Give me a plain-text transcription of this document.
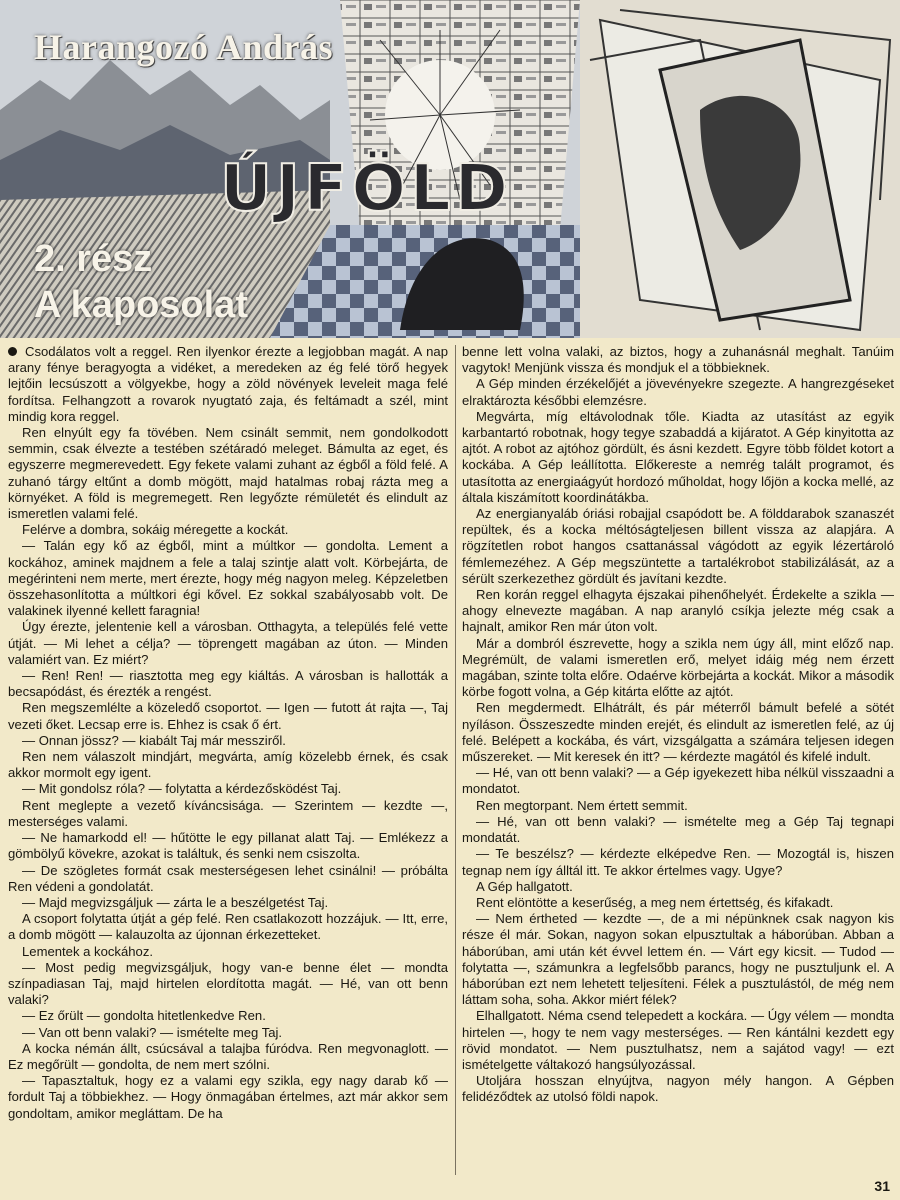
ÚJFÖLD
Harangozó András
2. rész
A kaposolat

Csodálatos volt a reggel. Ren ilyenkor érezte a legjobban magát. A nap arany fénye beragyogta a vidéket, a meredeken az ég felé törő hegyek lejtőin lecsúszott a völgyekbe, hogy a zöld növények leveleit maga felé fordítsa. Felhangzott a rovarok nyugtató zaja, és feltámadt a szél, mint mindig kora reggel.

Ren elnyúlt egy fa tövében. Nem csinált semmit, nem gondolkodott semmin, csak élvezte a testében szétáradó meleget. Bámulta az eget, és egyszerre megmerevedett. Egy fekete valami zuhant az égből a föld felé. A zuhanó tárgy eltűnt a domb mögött, majd hatalmas robaj rázta meg a környéket. A föld is megremegett. Ren legyőzte rémületét és elindult az ismeretlen valami felé.

Felérve a dombra, sokáig méregette a kockát.

— Talán egy kő az égből, mint a múltkor — gondolta. Lement a kockához, aminek majdnem a fele a talaj szintje alatt volt. Körbejárta, de megérinteni nem merte, mert érezte, hogy még nagyon meleg. Képzeletben összehasonlította a múltkori égi kővel. Ez sokkal szabályosabb volt. De valakinek ilyenné kellett faragnia!

Úgy érezte, jelentenie kell a városban. Otthagyta, a település felé vette útját. — Mi lehet a célja? — töprengett magában az úton. — Minden valamiért van. Ez miért?

— Ren! Ren! — riasztotta meg egy kiáltás. A városban is hallották a becsapódást, és érezték a rengést.

Ren megszemlélte a közeledő csoportot. — Igen — futott át rajta —, Taj vezeti őket. Lecsap erre is. Ehhez is csak ő ért.

— Onnan jössz? — kiabált Taj már messziről.

Ren nem válaszolt mindjárt, megvárta, amíg közelebb érnek, és csak akkor mormolt egy igent.

— Mit gondolsz róla? — folytatta a kérdezősködést Taj.

Rent meglepte a vezető kíváncsisága. — Szerintem — kezdte —, mesterséges valami.

— Ne hamarkodd el! — hűtötte le egy pillanat alatt Taj. — Emlékezz a gömbölyű kövekre, azokat is találtuk, és senki nem csiszolta.

— De szögletes formát csak mesterségesen lehet csinálni! — próbálta Ren védeni a gondolatát.

— Majd megvizsgáljuk — zárta le a beszélgetést Taj.

A csoport folytatta útját a gép felé. Ren csatlakozott hozzájuk. — Itt, erre, a domb mögött — kalauzolta az újonnan érkezetteket.

Lementek a kockához.

— Most pedig megvizsgáljuk, hogy van-e benne élet — mondta színpadiasan Taj, majd hirtelen elordította magát. — Hé, van ott benn valaki?

— Ez őrült — gondolta hitetlenkedve Ren.

— Van ott benn valaki? — ismételte meg Taj.

A kocka némán állt, csúcsával a talajba fúródva. Ren megvonaglott. — Ez megőrült — gondolta, de nem mert szólni.

— Tapasztaltuk, hogy ez a valami egy szikla, egy nagy darab kő — fordult Taj a többiekhez. — Hogy önmagában értelmes, azt már akkor sem gondoltam, amikor megláttam. De ha

benne lett volna valaki, az biztos, hogy a zuhanásnál meghalt. Tanúim vagytok! Menjünk vissza és mondjuk el a többieknek.

A Gép minden érzékelőjét a jövevényekre szegezte. A hangrezgéseket elraktározta későbbi elemzésre.

Megvárta, míg eltávolodnak tőle. Kiadta az utasítást az egyik karbantartó robotnak, hogy tegye szabaddá a kijáratot. A Gép kinyitotta az ajtót. A robot az ajtóhoz gördült, és ásni kezdett. Egyre több földet kotort a kockába. A Gép leállította. Előkereste a nemrég talált programot, és utasította az energiaágyút hordozó műholdat, hogy lőjön a kocka mellé, az általa kiszámított koordinátákba.

Az energianyaláb óriási robajjal csapódott be. A földdarabok szanaszét repültek, és a kocka méltóságteljesen billent vissza az alapjára. A rögzítetlen robot hangos csattanással vágódott az egyik lézertároló fémlemezéhez. A Gép megszüntette a tartalékrobot stabilizálását, az a sérült szerkezethez gördült és javítani kezdte.

Ren korán reggel elhagyta éjszakai pihenőhelyét. Érdekelte a szikla — ahogy elnevezte magában. A nap aranyló csíkja jelezte még csak a hajnalt, amikor Ren már úton volt.

Már a dombról észrevette, hogy a szikla nem úgy áll, mint előző nap. Megrémült, de valami ismeretlen erő, melyet idáig még nem érzett magában, szinte tolta előre. Odaérve körbejárta a kockát. Mikor a második körbe fogott volna, a Gép kitárta előtte az ajtót.

Ren megdermedt. Elhátrált, és pár méterről bámult befelé a sötét nyíláson. Összeszedte minden erejét, és elindult az ismeretlen felé, az új felé. Belépett a kockába, és várt, vizsgálgatta a számára teljesen idegen műszereket. — Mit keresek én itt? — kérdezte magától és kifelé indult.

— Hé, van ott benn valaki? — a Gép igyekezett hiba nélkül visszaadni a mondatot.

Ren megtorpant. Nem értett semmit.

— Hé, van ott benn valaki? — ismételte meg a Gép Taj tegnapi mondatát.

— Te beszélsz? — kérdezte elképedve Ren. — Mozogtál is, hiszen tegnap nem így álltál itt. Te akkor értelmes vagy. Ugye?

A Gép hallgatott.

Rent elöntötte a keserűség, a meg nem értettség, és kifakadt.

— Nem értheted — kezdte —, de a mi népünknek csak nagyon kis része él már. Sokan, nagyon sokan elpusztultak a háborúban. Abban a háborúban, ami után két évvel lettem én. — Várt egy kicsit. — Tudod — folytatta —, számunkra a legfelsőbb parancs, hogy ne pusztuljunk el. A háborúban ezt nem lehetett teljesíteni. Félek a pusztulástól, de még nem láttam soha, soha. Akkor miért félek?

Elhallgatott. Néma csend telepedett a kockára. — Úgy vélem — mondta hirtelen —, hogy te nem vagy mesterséges. — Ren kántálni kezdett egy rövid mondatot. — Nem pusztulhatsz, nem a sajátod vagy! — ezt ismételgette váltakozó hangsúlyozással.

Utoljára hosszan elnyújtva, nagyon mély hangon. A Gépben felidéződtek az utolsó földi napok.

31
